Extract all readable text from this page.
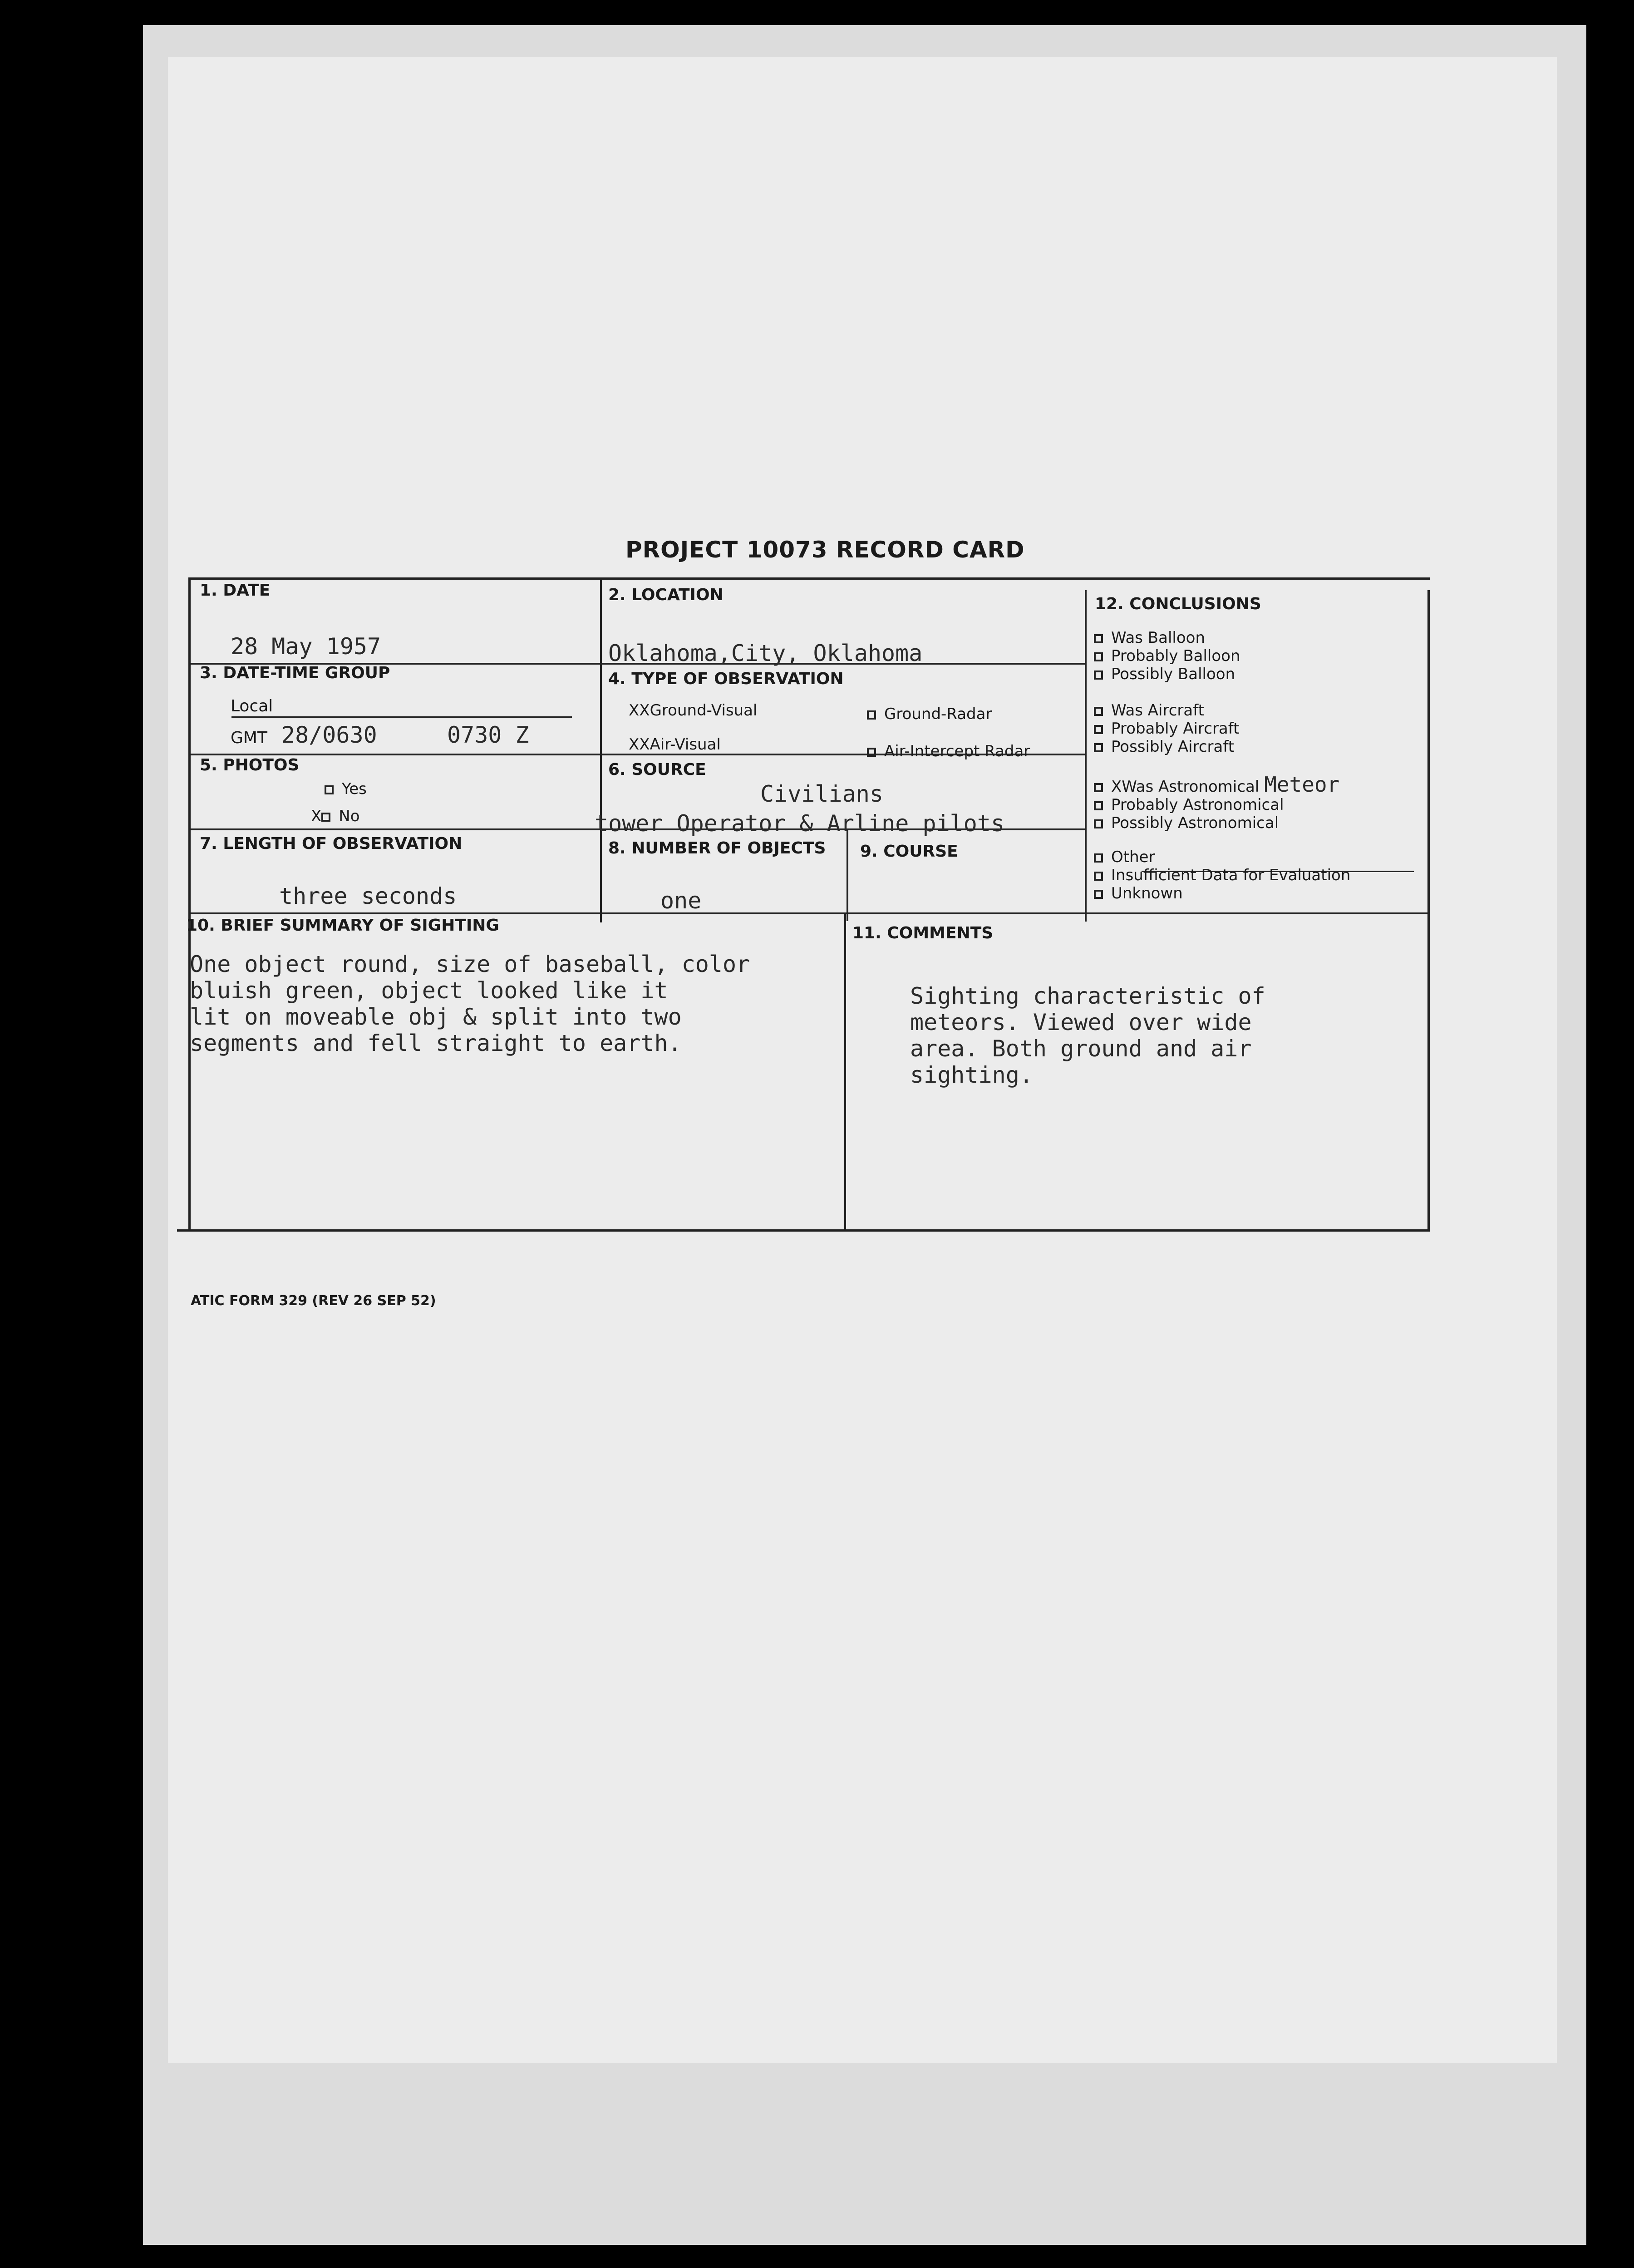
PROJECT 10073 RECORD CARD
1. DATE
28 May 1957
2. LOCATION
Oklahoma,City, Oklahoma
3. DATE-TIME GROUP
Local
GMT 28/0630	0730 Z
4. TYPE OF OBSERVATION
XXGround-Visual	Ground-Radar
XXAir-Visual	Air-Intercept Radar
5. PHOTOS
Yes
X No
6. SOURCE
Civilians
tower Operator & Arline pilots
7. LENGTH OF OBSERVATION
three seconds
8. NUMBER OF OBJECTS
one
9. COURSE
10. BRIEF SUMMARY OF SIGHTING
One object round, size of baseball, color
bluish green, object looked like it
lit on moveable obj & split into two
segments and fell straight to earth.
11. COMMENTS
Sighting characteristic of
meteors. Viewed over wide
area. Both ground and air
sighting.
12. CONCLUSIONS
Was Balloon
Probably Balloon
Possibly Balloon
Was Aircraft
Probably Aircraft
Possibly Aircraft
XWas Astronomical Meteor
Probably Astronomical
Possibly Astronomical
Other
Insufficient Data for Evaluation
Unknown
ATIC FORM 329 (REV 26 SEP 52)
